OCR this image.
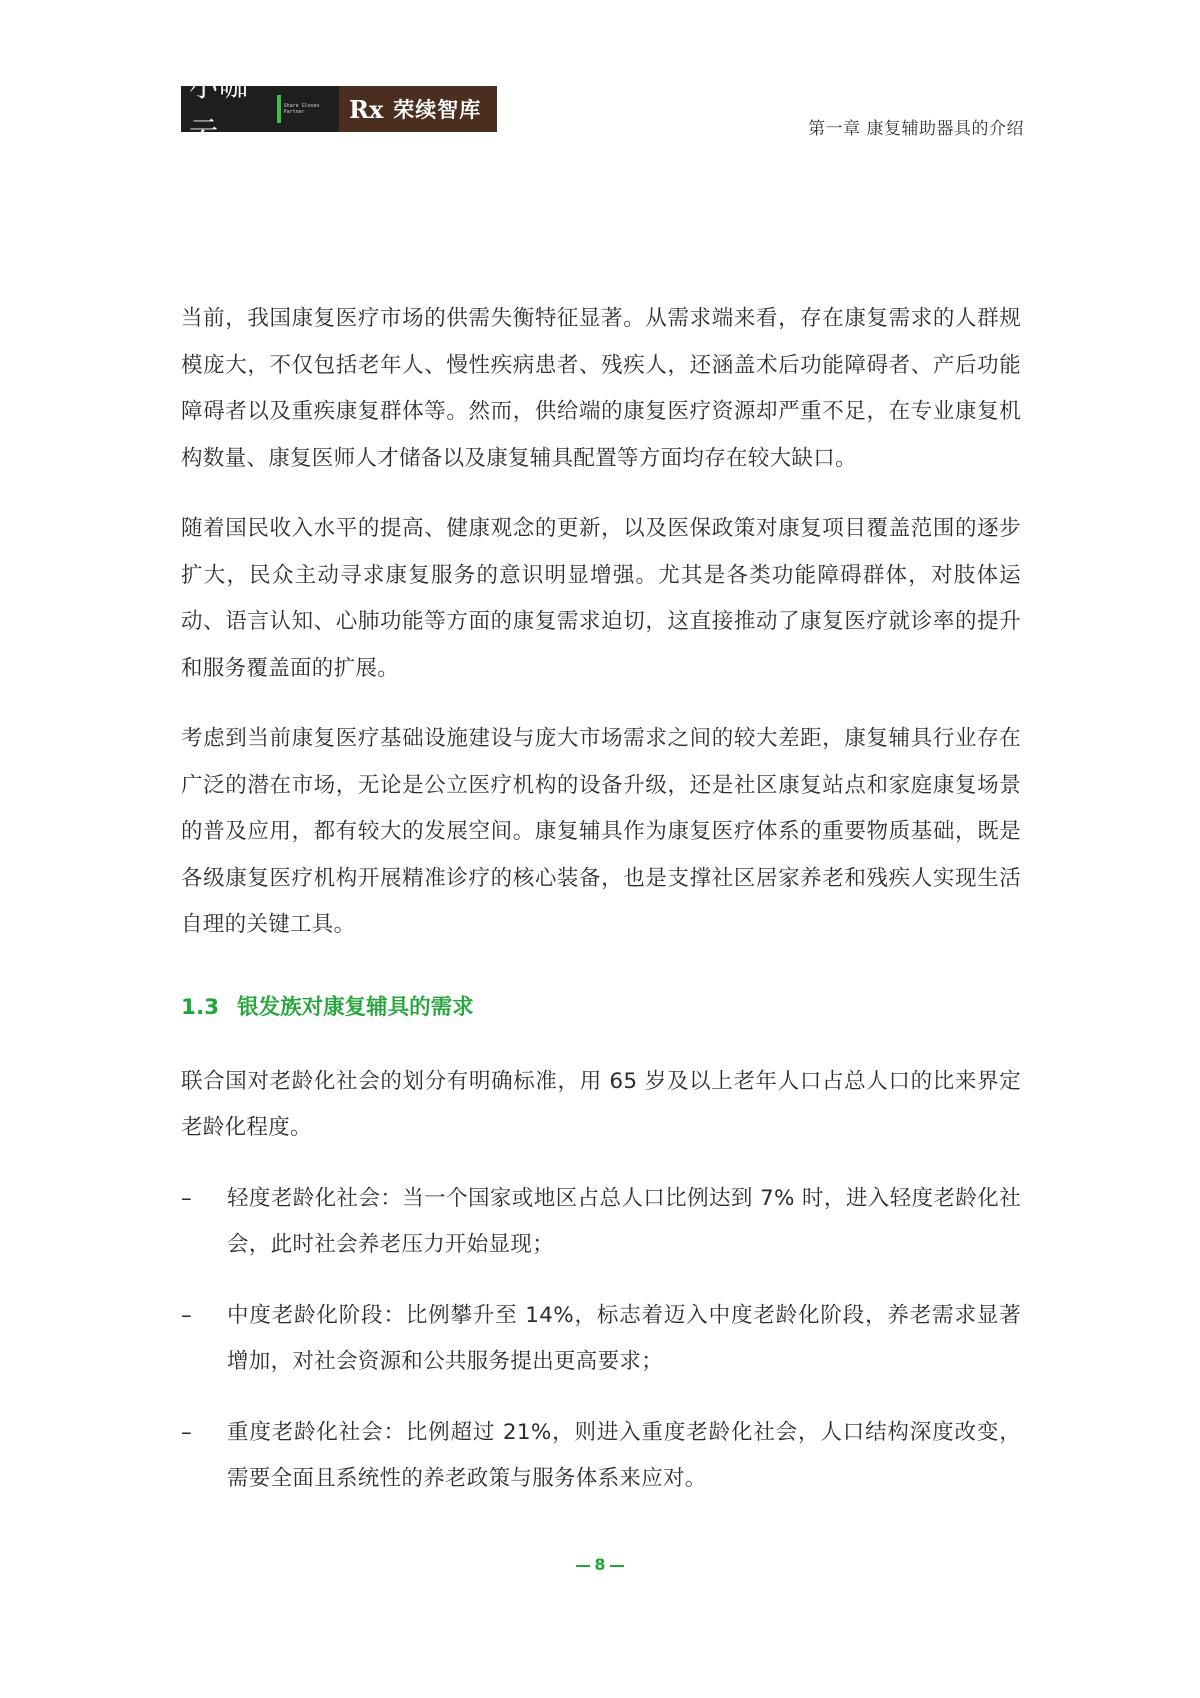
小咖云
Share Gloves Partner	Rx 荣续智库
第一章 康复辅助器具的介绍

当前，我国康复医疗市场的供需失衡特征显著。从需求端来看，存在康复需求的人群规模庞大，不仅包括老年人、慢性疾病患者、残疾人，还涵盖术后功能障碍者、产后功能障碍者以及重疾康复群体等。然而，供给端的康复医疗资源却严重不足，在专业康复机构数量、康复医师人才储备以及康复辅具配置等方面均存在较大缺口。

随着国民收入水平的提高、健康观念的更新，以及医保政策对康复项目覆盖范围的逐步扩大，民众主动寻求康复服务的意识明显增强。尤其是各类功能障碍群体，对肢体运动、语言认知、心肺功能等方面的康复需求迫切，这直接推动了康复医疗就诊率的提升和服务覆盖面的扩展。

考虑到当前康复医疗基础设施建设与庞大市场需求之间的较大差距，康复辅具行业存在广泛的潜在市场，无论是公立医疗机构的设备升级，还是社区康复站点和家庭康复场景的普及应用，都有较大的发展空间。康复辅具作为康复医疗体系的重要物质基础，既是各级康复医疗机构开展精准诊疗的核心装备，也是支撑社区居家养老和残疾人实现生活自理的关键工具。

1.3 银发族对康复辅具的需求

联合国对老龄化社会的划分有明确标准，用 65 岁及以上老年人口占总人口的比来界定老龄化程度。

– 轻度老龄化社会：当一个国家或地区占总人口比例达到 7% 时，进入轻度老龄化社会，此时社会养老压力开始显现；
– 中度老龄化阶段：比例攀升至 14%，标志着迈入中度老龄化阶段，养老需求显著增加，对社会资源和公共服务提出更高要求；
– 重度老龄化社会：比例超过 21%，则进入重度老龄化社会，人口结构深度改变，需要全面且系统性的养老政策与服务体系来应对。
8
